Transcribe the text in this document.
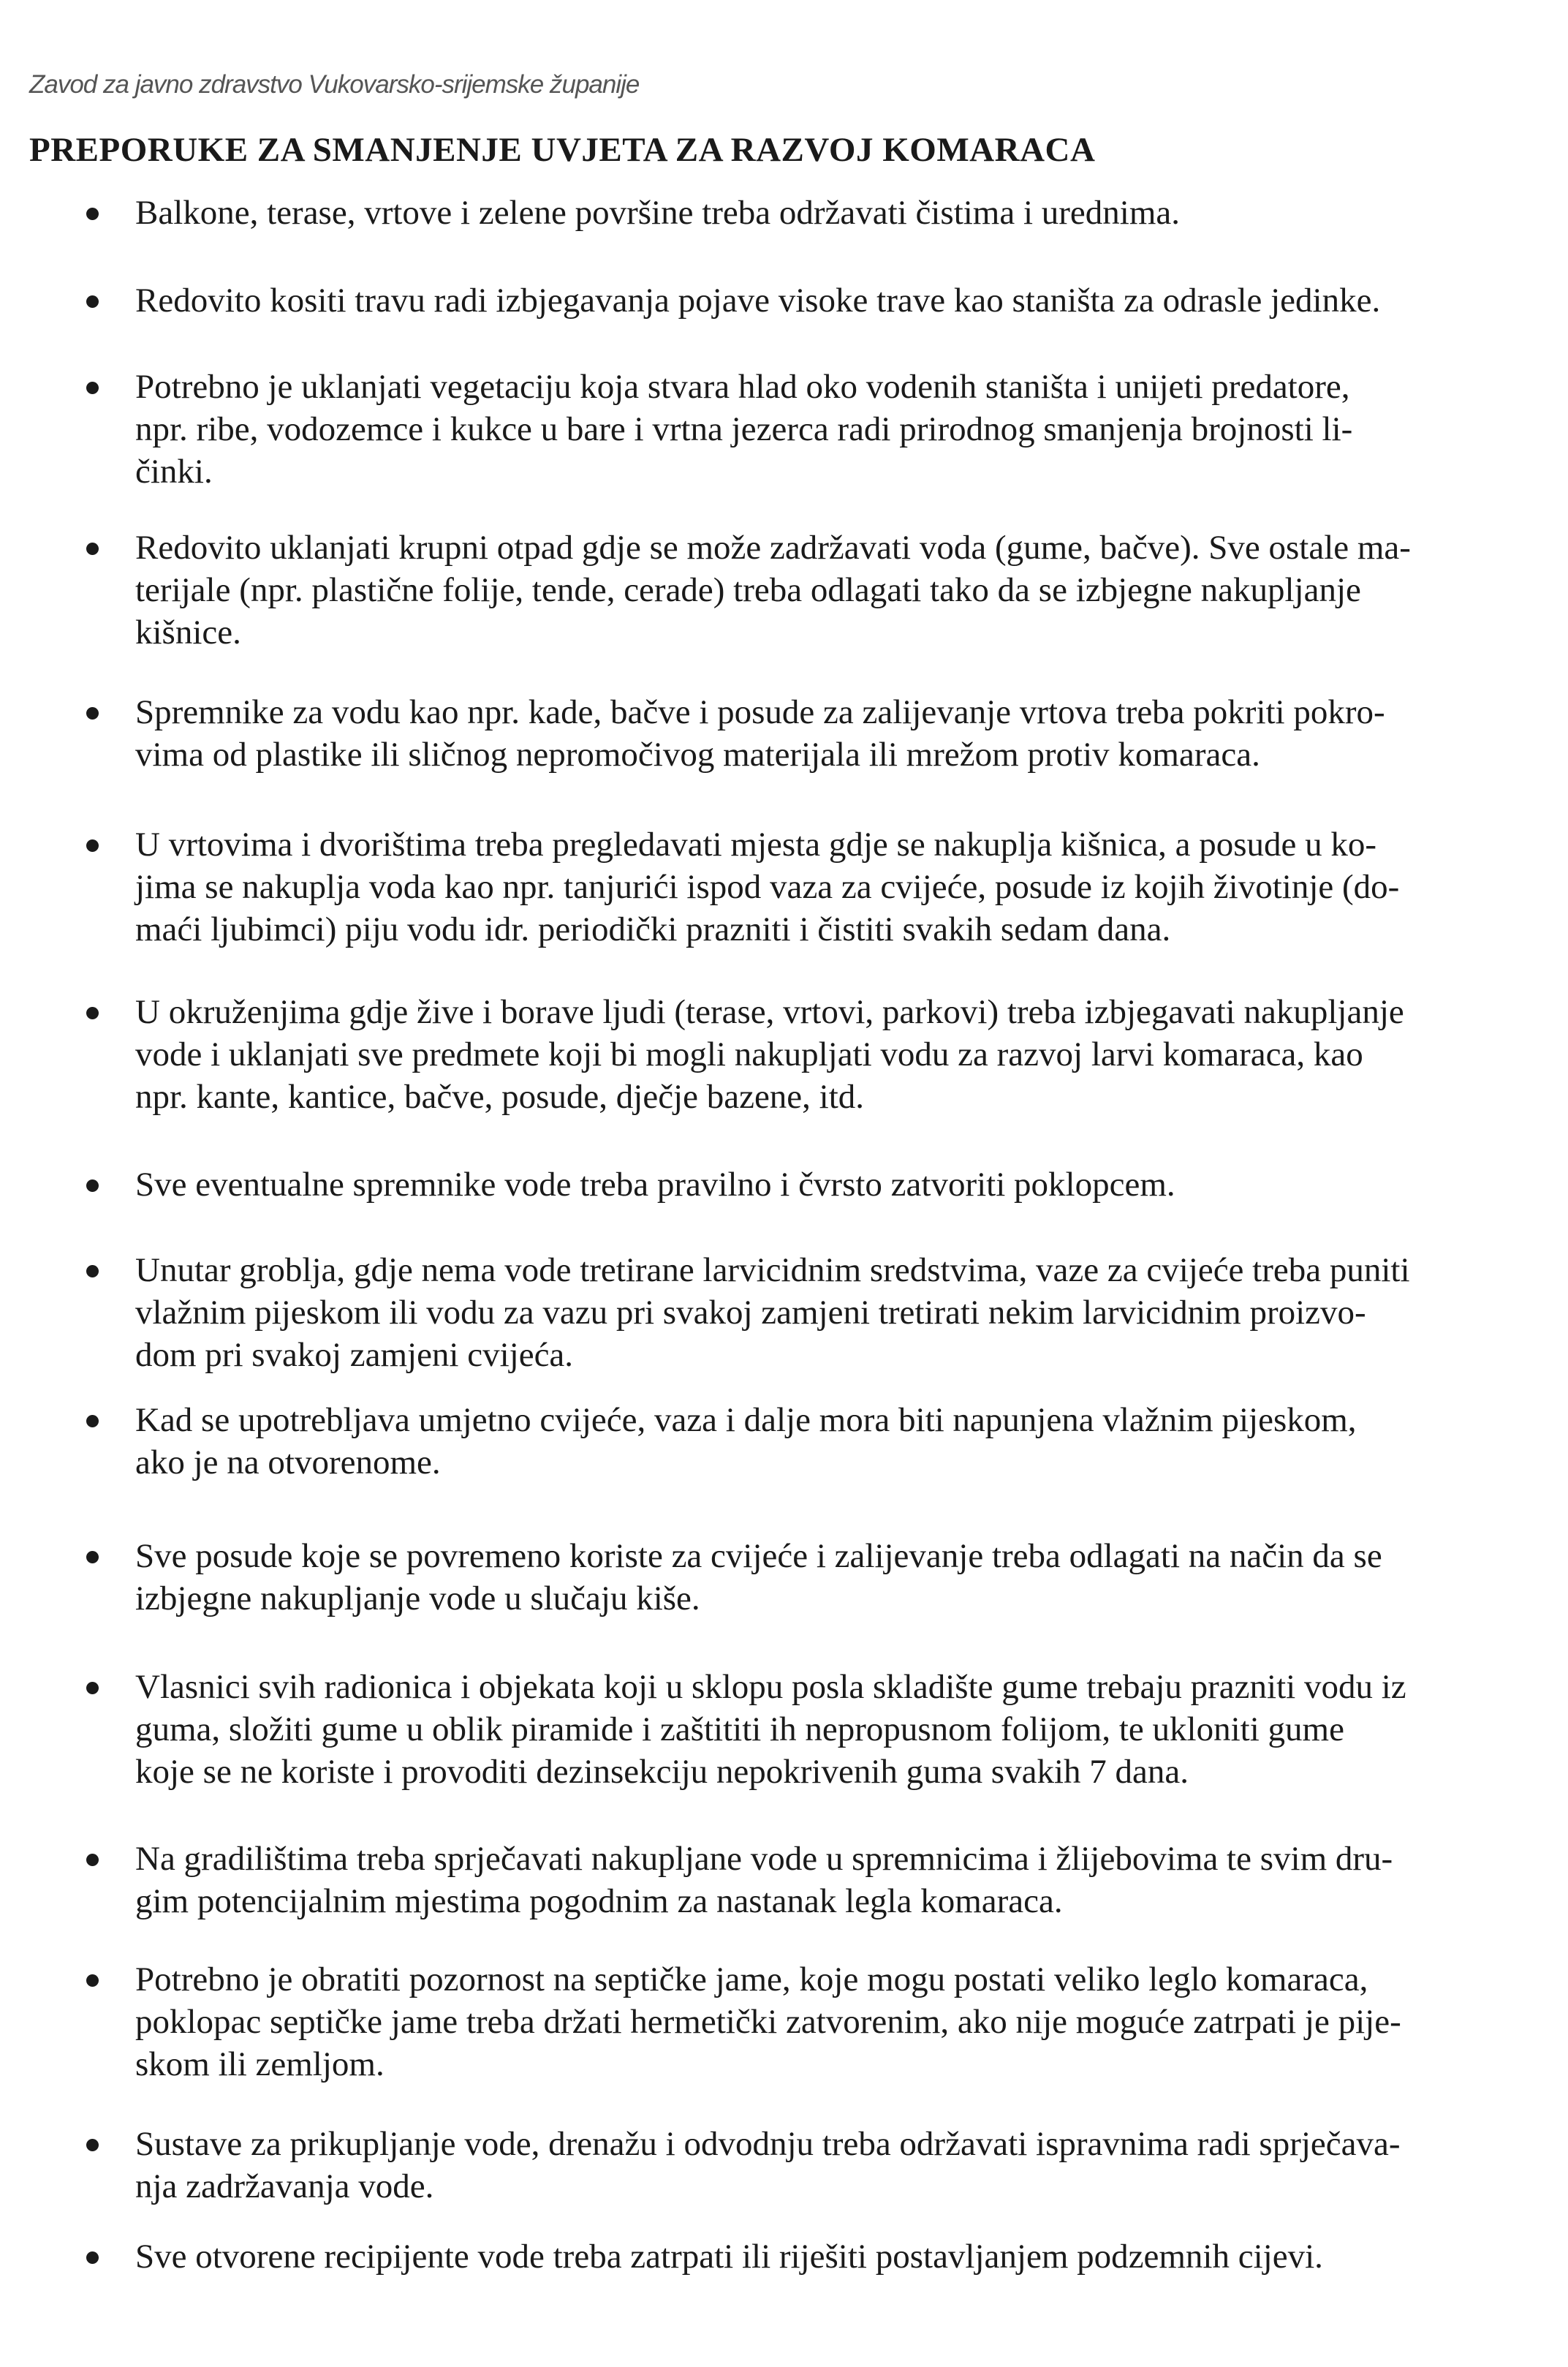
Zavod za javno zdravstvo Vukovarsko-srijemske županije
PREPORUKE ZA SMANJENJE UVJETA ZA RAZVOJ KOMARACA
Balkone, terase, vrtove i zelene površine treba održavati čistima i urednima.
Redovito kositi travu radi izbjegavanja pojave visoke trave kao staništa za odrasle jedinke.
Potrebno je uklanjati vegetaciju koja stvara hlad oko vodenih staništa i unijeti predatore,
npr. ribe, vodozemce i kukce u bare i vrtna jezerca radi prirodnog smanjenja brojnosti li-
činki.
Redovito uklanjati krupni otpad gdje se može zadržavati voda (gume, bačve). Sve ostale ma-
terijale (npr. plastične folije, tende, cerade) treba odlagati tako da se izbjegne nakupljanje
kišnice.
Spremnike za vodu kao npr. kade, bačve i posude za zalijevanje vrtova treba pokriti pokro-
vima od plastike ili sličnog nepromočivog materijala ili mrežom protiv komaraca.
U vrtovima i dvorištima treba pregledavati mjesta gdje se nakuplja kišnica, a posude u ko-
jima se nakuplja voda kao npr. tanjurići ispod vaza za cvijeće, posude iz kojih životinje (do-
maći ljubimci) piju vodu idr. periodički prazniti i čistiti svakih sedam dana.
U okruženjima gdje žive i borave ljudi (terase, vrtovi, parkovi) treba izbjegavati nakupljanje
vode i uklanjati sve predmete koji bi mogli nakupljati vodu za razvoj larvi komaraca, kao
npr. kante, kantice, bačve, posude, dječje bazene, itd.
Sve eventualne spremnike vode treba pravilno i čvrsto zatvoriti poklopcem.
Unutar groblja, gdje nema vode tretirane larvicidnim sredstvima, vaze za cvijeće treba puniti
vlažnim pijeskom ili vodu za vazu pri svakoj zamjeni tretirati nekim larvicidnim proizvo-
dom pri svakoj zamjeni cvijeća.
Kad se upotrebljava umjetno cvijeće, vaza i dalje mora biti napunjena vlažnim pijeskom,
ako je na otvorenome.
Sve posude koje se povremeno koriste za cvijeće i zalijevanje treba odlagati na način da se
izbjegne nakupljanje vode u slučaju kiše.
Vlasnici svih radionica i objekata koji u sklopu posla skladište gume trebaju prazniti vodu iz
guma, složiti gume u oblik piramide i zaštititi ih nepropusnom folijom, te ukloniti gume
koje se ne koriste i provoditi dezinsekciju nepokrivenih guma svakih 7 dana.
Na gradilištima treba sprječavati nakupljane vode u spremnicima i žlijebovima te svim dru-
gim potencijalnim mjestima pogodnim za nastanak legla komaraca.
Potrebno je obratiti pozornost na septičke jame, koje mogu postati veliko leglo komaraca,
poklopac septičke jame treba držati hermetički zatvorenim, ako nije moguće zatrpati je pije-
skom ili zemljom.
Sustave za prikupljanje vode, drenažu i odvodnju treba održavati ispravnima radi sprječava-
nja zadržavanja vode.
Sve otvorene recipijente vode treba zatrpati ili riješiti postavljanjem podzemnih cijevi.
